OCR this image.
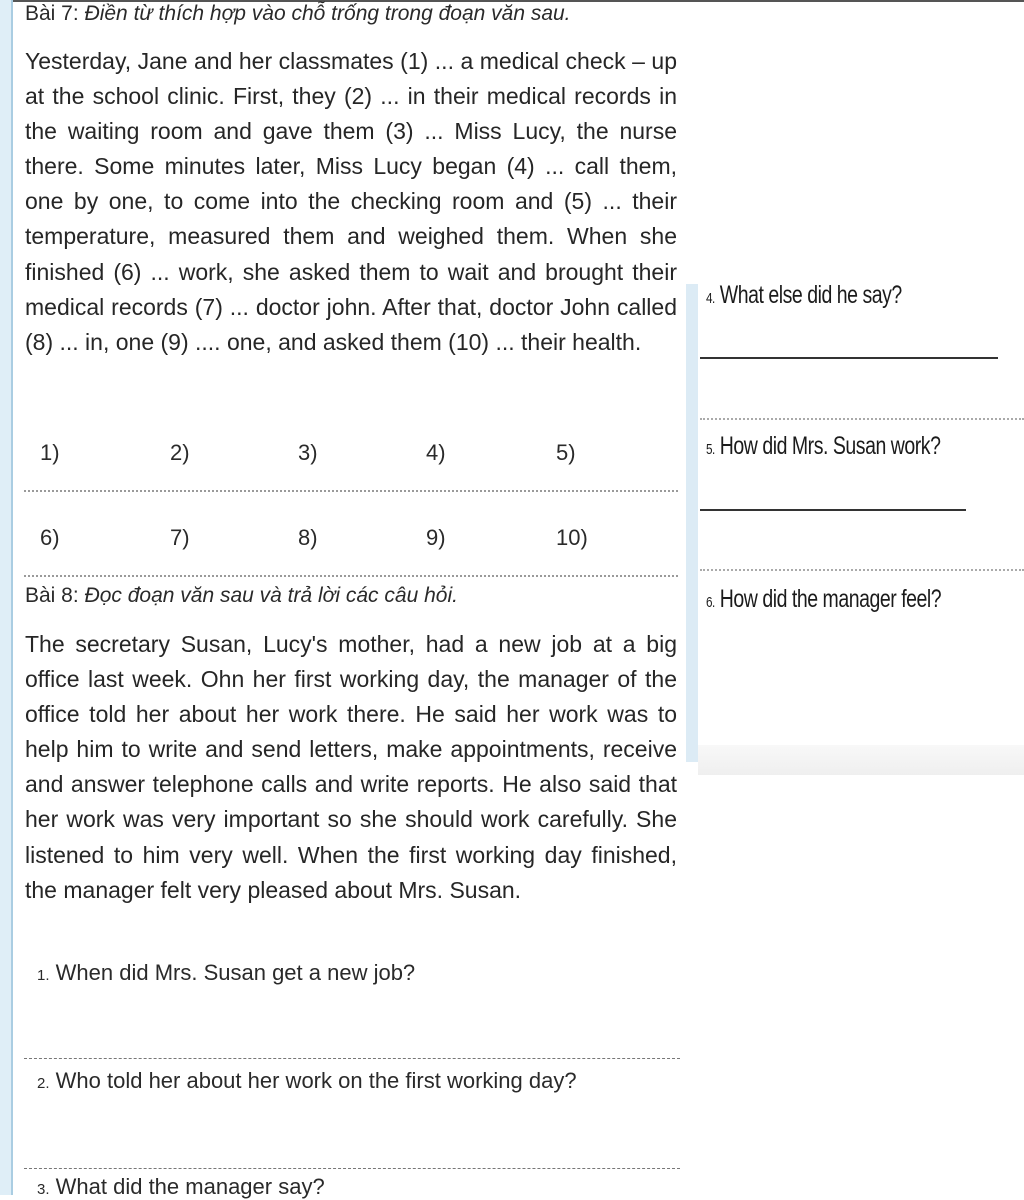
Bài 7: Điền từ thích hợp vào chỗ trống trong đoạn văn sau.

Yesterday, Jane and her classmates (1) ... a medical check – up at the school clinic. First, they (2) ... in their medical records in the waiting room and gave them (3) ... Miss Lucy, the nurse there. Some minutes later, Miss Lucy began (4) ... call them, one by one, to come into the checking room and (5) ... their temperature, measured them and weighed them. When she finished (6) ... work, she asked them to wait and brought their medical records (7) ... doctor john. After that, doctor John called (8) ... in, one (9) .... one, and asked them (10) ... their health.

1)	2)	3)	4)	5)
6)	7)	8)	9)	10)
Bài 8: Đọc đoạn văn sau và trả lời các câu hỏi.

The secretary Susan, Lucy's mother, had a new job at a big office last week. Ohn her first working day, the manager of the office told her about her work there. He said her work was to help him to write and send letters, make appointments, receive and answer telephone calls and write reports. He also said that her work was very important so she should work carefully. She listened to him very well. When the first working day finished, the manager felt very pleased about Mrs. Susan.

1. When did Mrs. Susan get a new job?
2. Who told her about her work on the first working day?
3. What did the manager say?
4. What else did he say?
5. How did Mrs. Susan work?
6. How did the manager feel?
